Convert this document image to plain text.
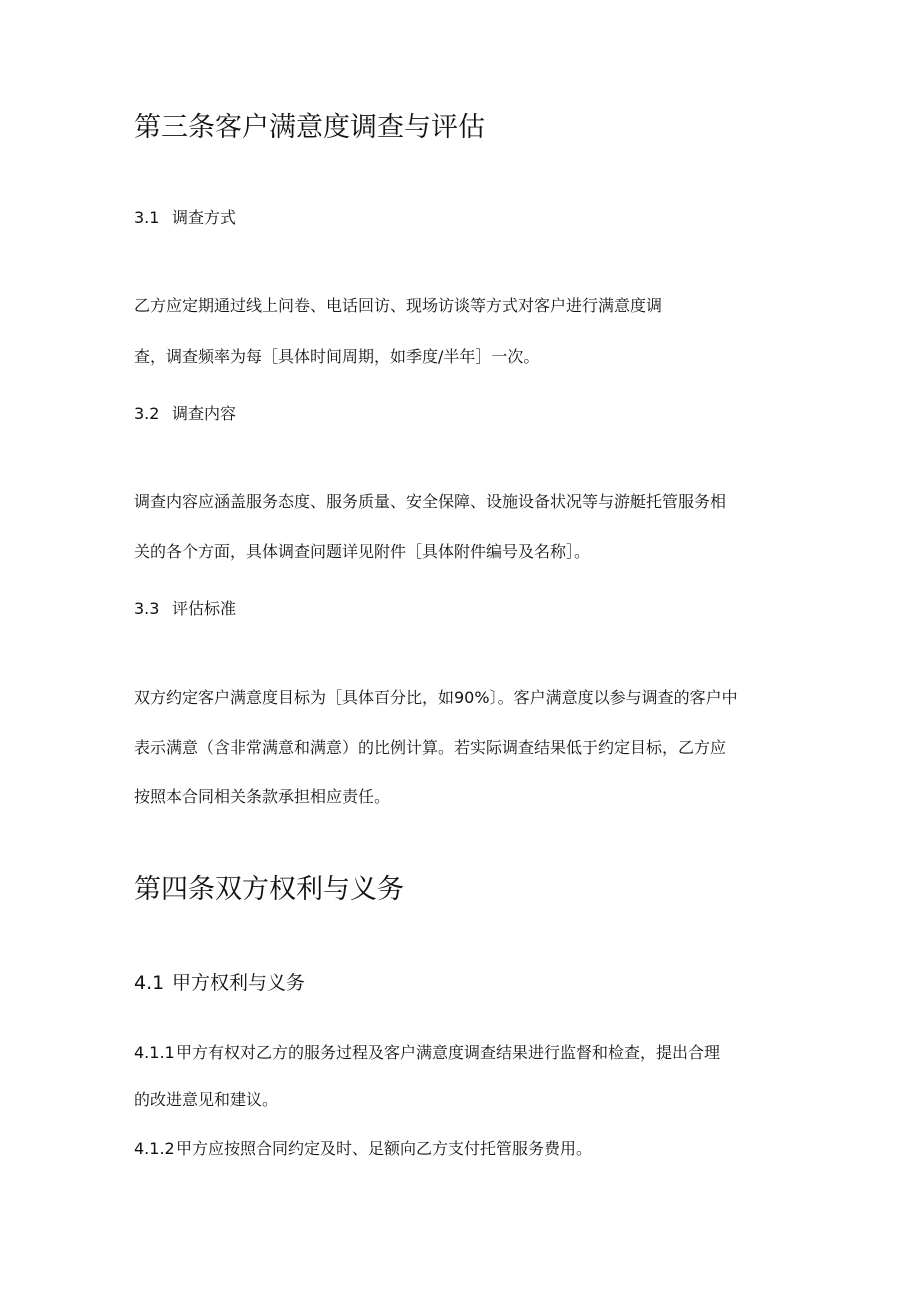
第三条客户满意度调查与评估
3.1 调查方式

乙方应定期通过线上问卷、电话回访、现场访谈等方式对客户进行满意度调

查，调查频率为每［具体时间周期，如季度/半年］一次。

3.2 调查内容

调查内容应涵盖服务态度、服务质量、安全保障、设施设备状况等与游艇托管服务相

关的各个方面，具体调查问题详见附件［具体附件编号及名称］。

3.3 评估标准

双方约定客户满意度目标为［具体百分比，如90%〕。客户满意度以参与调查的客户中

表示满意（含非常满意和满意）的比例计算。若实际调查结果低于约定目标，乙方应

按照本合同相关条款承担相应责任。

第四条双方权利与义务
4.1 甲方权利与义务
4.1.1甲方有权对乙方的服务过程及客户满意度调查结果进行监督和检查，提出合理

的改进意见和建议。

4.1.2甲方应按照合同约定及时、足额向乙方支付托管服务费用。
